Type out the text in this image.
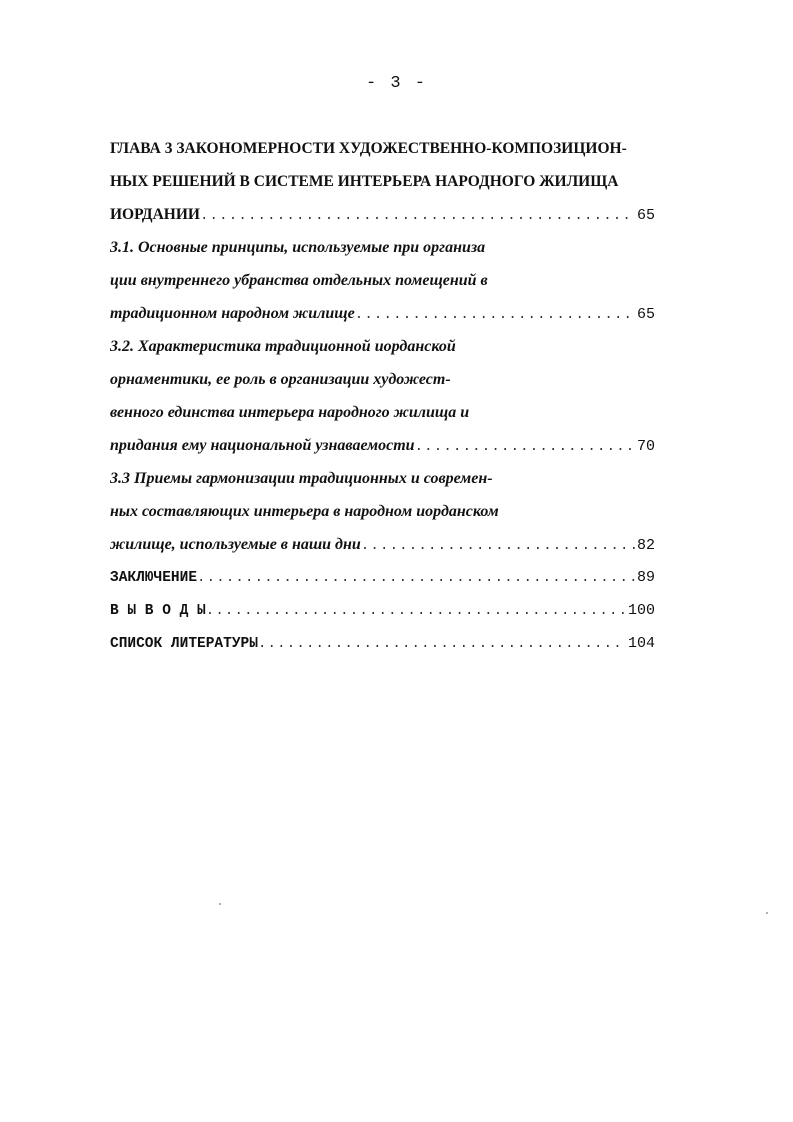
- 3 -
ГЛАВА 3 ЗАКОНОМЕРНОСТИ ХУДОЖЕСТВЕННО-КОМПОЗИЦИОН-
НЫХ РЕШЕНИЙ В СИСТЕМЕ ИНТЕРЬЕРА НАРОДНОГО ЖИЛИЩА
ИОРДАНИИ .....	65
3.1. Основные принципы, используемые при организа
ции внутреннего убранства отдельных помещений в
традиционном народном жилище .....	65
3.2. Характеристика традиционной иорданской
орнаментики, ее роль в организации художест-
венного единства интерьера народного жилища и
придания ему национальной узнаваемости .....	70
3.3 Приемы гармонизации традиционных и современ-
ных составляющих интерьера в народном иорданском
жилище, используемые в наши дни .....	82
ЗАКЛЮЧЕНИЕ .....	89
В Ы В О Д Ы .....	100
СПИСОК ЛИТЕРАТУРЫ .....	104
